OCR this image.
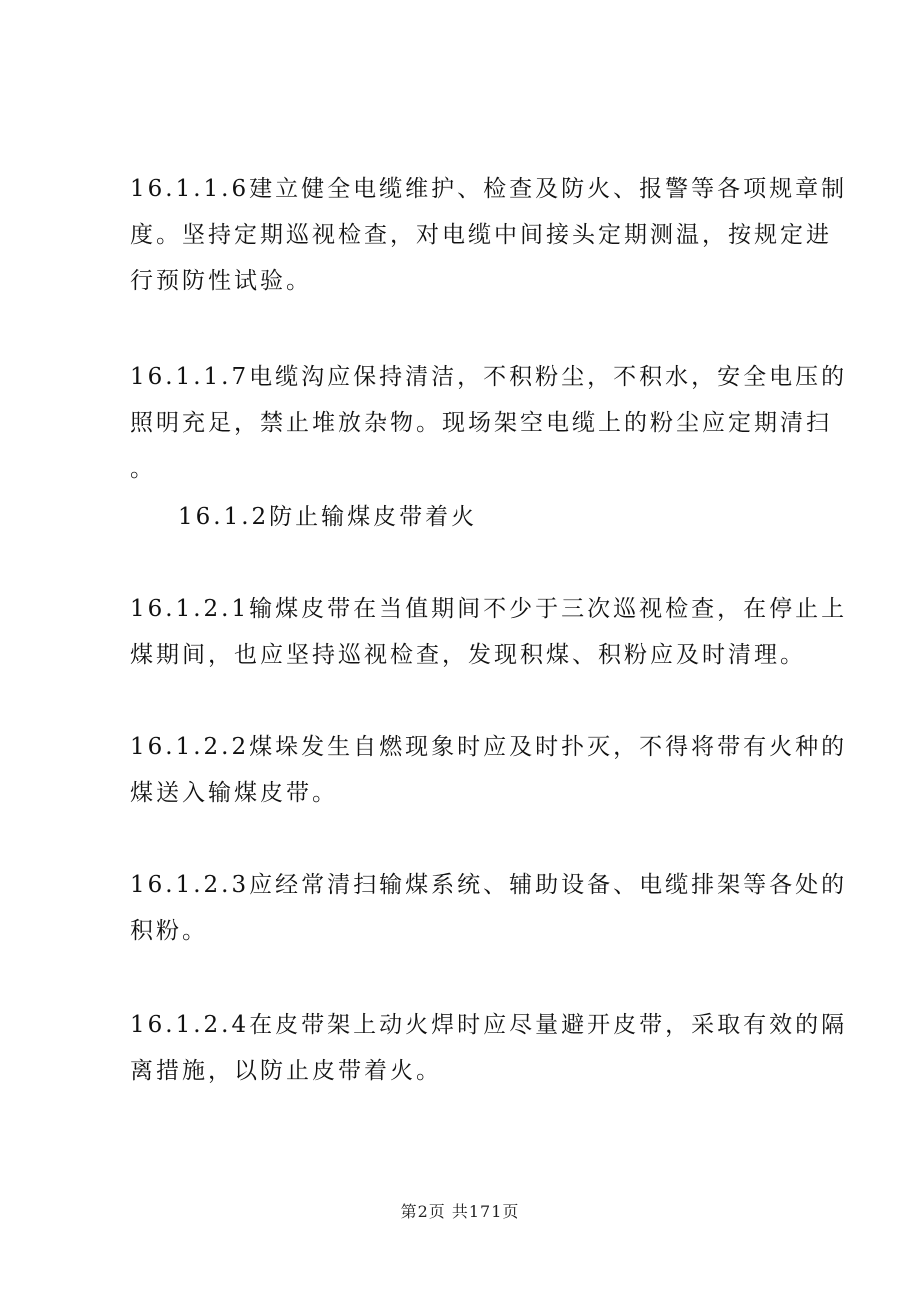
16.1.1.6建立健全电缆维护、检查及防火、报警等各项规章制
度。坚持定期巡视检查，对电缆中间接头定期测温，按规定进
行预防性试验。
16.1.1.7电缆沟应保持清洁，不积粉尘，不积水，安全电压的
照明充足，禁止堆放杂物。现场架空电缆上的粉尘应定期清扫
。
16.1.2防止输煤皮带着火
16.1.2.1输煤皮带在当值期间不少于三次巡视检查，在停止上
煤期间，也应坚持巡视检查，发现积煤、积粉应及时清理。
16.1.2.2煤垛发生自燃现象时应及时扑灭，不得将带有火种的
煤送入输煤皮带。
16.1.2.3应经常清扫输煤系统、辅助设备、电缆排架等各处的
积粉。
16.1.2.4在皮带架上动火焊时应尽量避开皮带，采取有效的隔
离措施，以防止皮带着火。
第2页 共171页
